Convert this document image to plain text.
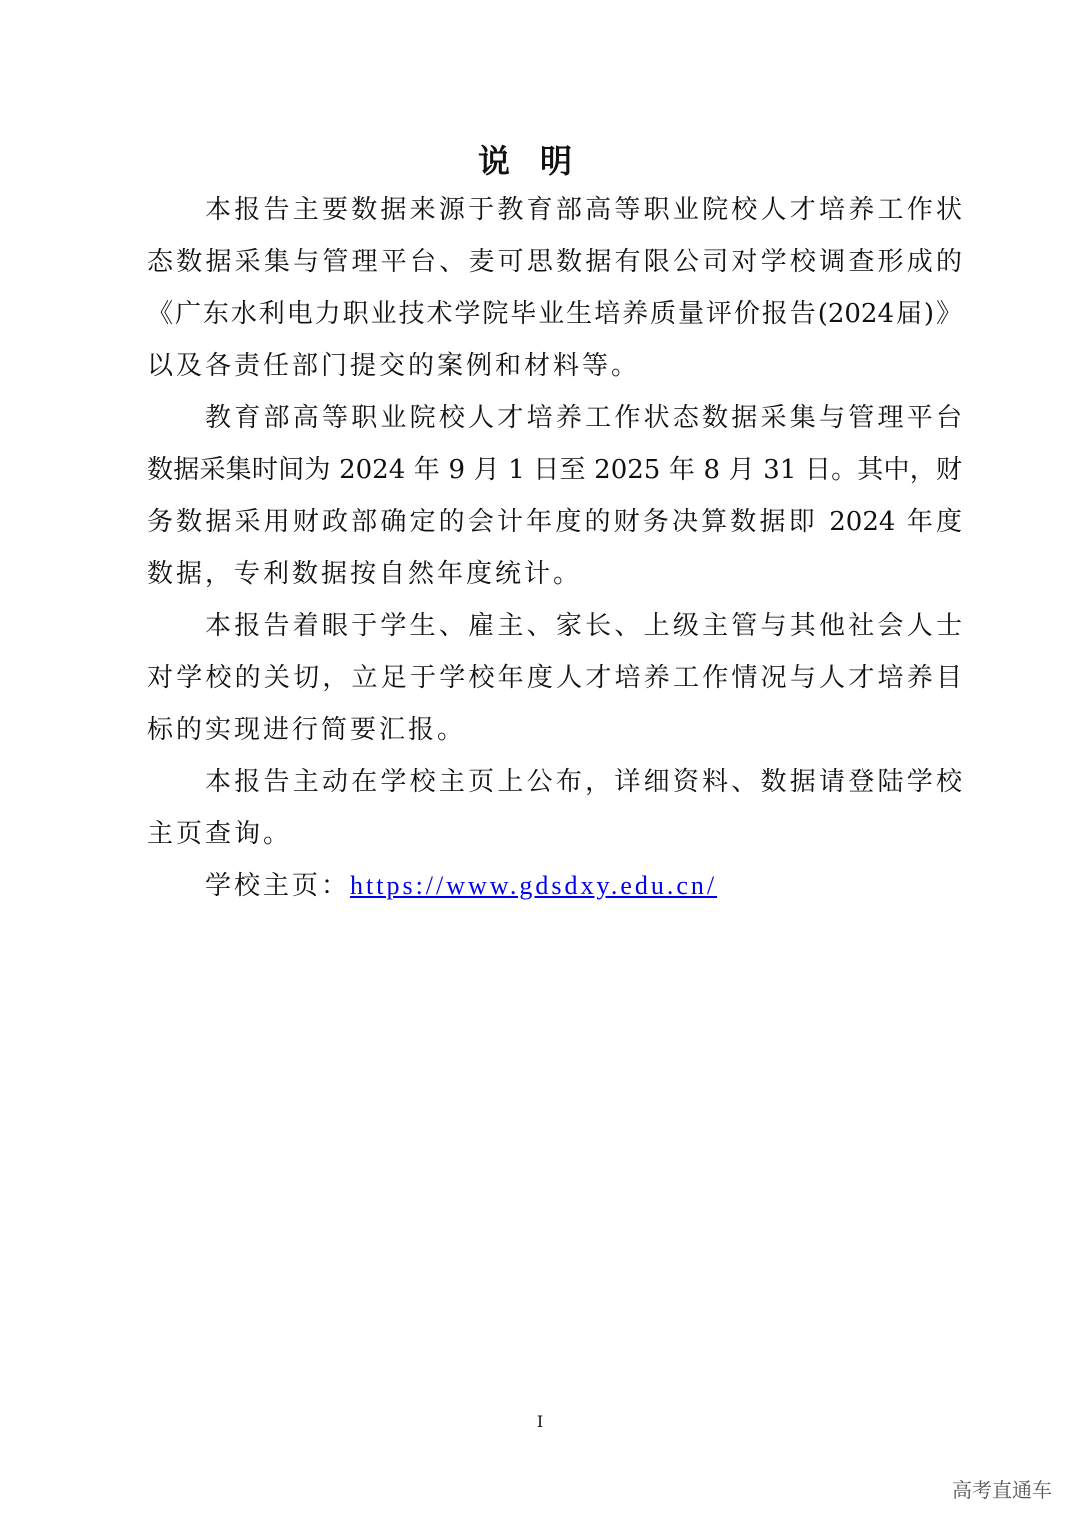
说明
本报告主要数据来源于教育部高等职业院校人才培养工作状
态数据采集与管理平台、麦可思数据有限公司对学校调查形成的
《广东水利电力职业技术学院毕业生培养质量评价报告(2024届)》
以及各责任部门提交的案例和材料等。
教育部高等职业院校人才培养工作状态数据采集与管理平台
数据采集时间为 2024 年 9 月 1 日至 2025 年 8 月 31 日。其中，财
务数据采用财政部确定的会计年度的财务决算数据即 2024 年度
数据，专利数据按自然年度统计。
本报告着眼于学生、雇主、家长、上级主管与其他社会人士
对学校的关切，立足于学校年度人才培养工作情况与人才培养目
标的实现进行简要汇报。
本报告主动在学校主页上公布，详细资料、数据请登陆学校
主页查询。
学校主页：https://www.gdsdxy.edu.cn/
I
高考直通车
